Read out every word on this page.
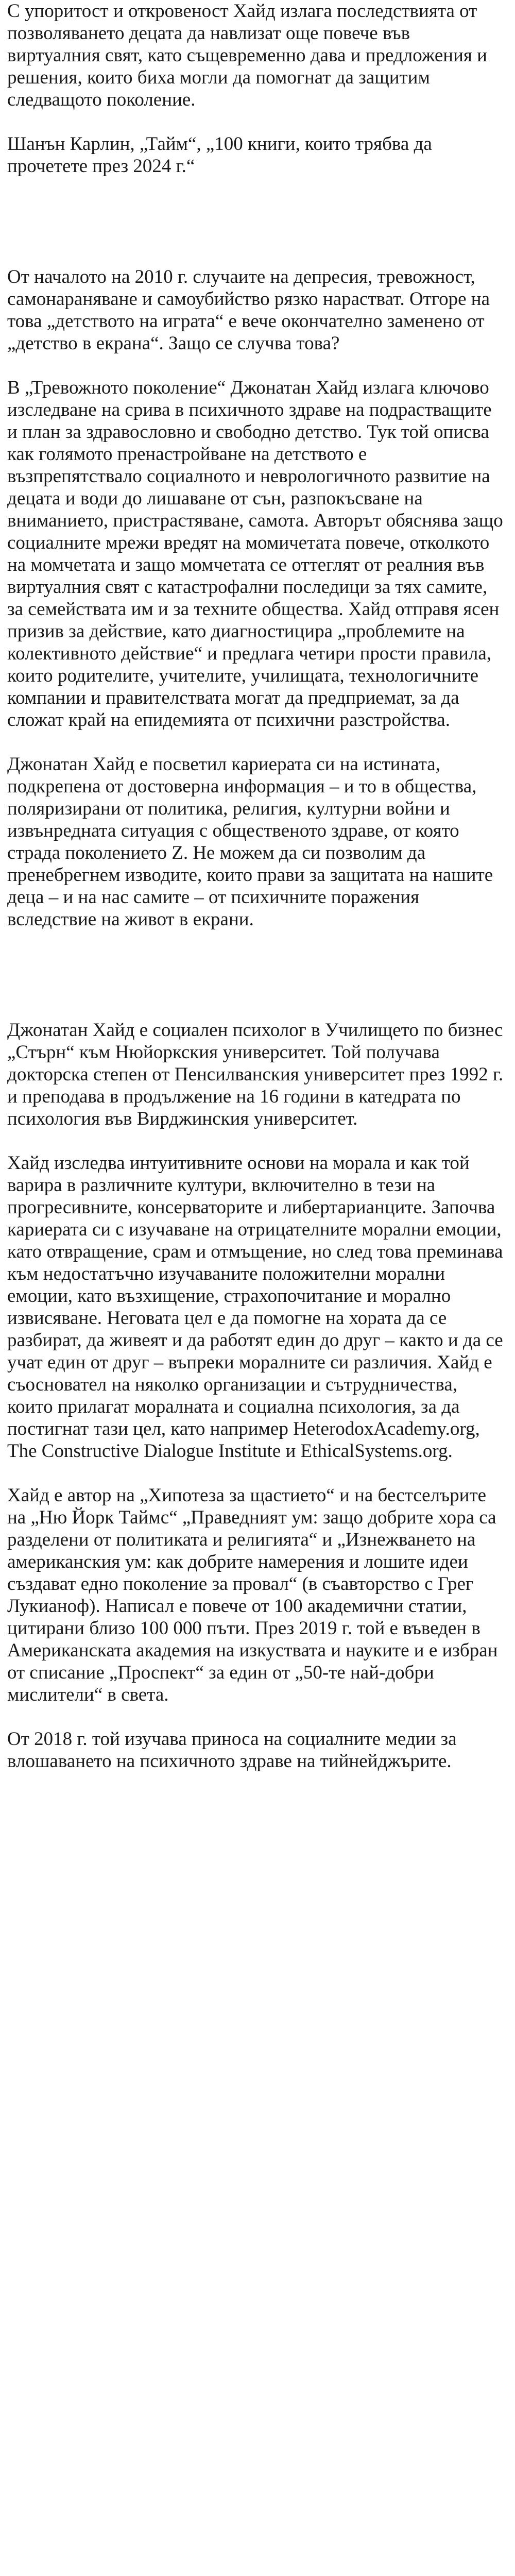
С упоритост и откровеност Хайд излага последствията от позволяването децата да навлизат още повече във виртуалния свят, като същевременно дава и предложения и решения, които биха могли да помогнат да защитим следващото поколение.

Шанън Карлин, „Тайм“, „100 книги, които трябва да прочетете през 2024 г.“

От началото на 2010 г. случаите на депресия, тревожност, самонараняване и самоубийство рязко нарастват. Отгоре на това „детството на играта“ е вече окончателно заменено от „детство в екрана“. Защо се случва това?

В „Тревожното поколение“ Джонатан Хайд излага ключово изследване на срива в психичното здраве на подрастващите и план за здравословно и свободно детство. Тук той описва как голямото пренастройване на детството е възпрепятствало социалното и неврологичното развитие на децата и води до лишаване от сън, разпокъсване на вниманието, пристрастяване, самота. Авторът обяснява защо социалните мрежи вредят на момичетата повече, отколкото на момчетата и защо момчетата се оттеглят от реалния във виртуалния свят с катастрофални последици за тях самите, за семействата им и за техните общества. Хайд отправя ясен призив за действие, като диагностицира „проблемите на колективното действие“ и предлага четири прости правила, които родителите, учителите, училищата, технологичните компании и правителствата могат да предприемат, за да сложат край на епидемията от психични разстройства.

Джонатан Хайд е посветил кариерата си на истината, подкрепена от достоверна информация – и то в общества, поляризирани от политика, религия, културни войни и извънредната ситуация с общественото здраве, от която страда поколението Z. Не можем да си позволим да пренебрегнем изводите, които прави за защитата на нашите деца – и на нас самите – от психичните поражения вследствие на живот в екрани.

Джонатан Хайд е социален психолог в Училището по бизнес „Стърн“ към Нюйоркския университет. Той получава докторска степен от Пенсилванския университет през 1992 г. и преподава в продължение на 16 години в катедрата по психология във Вирджинския университет.

Хайд изследва интуитивните основи на морала и как той варира в различните култури, включително в тези на прогресивните, консерваторите и либертарианците. Започва кариерата си с изучаване на отрицателните морални емоции, като отвращение, срам и отмъщение, но след това преминава към недостатъчно изучаваните положителни морални емоции, като възхищение, страхопочитание и морално извисяване. Неговата цел е да помогне на хората да се разбират, да живеят и да работят един до друг – както и да се учат един от друг – въпреки моралните си различия. Хайд е съосновател на няколко организации и сътрудничества, които прилагат моралната и социална психология, за да постигнат тази цел, като например HeterodoxAcademy.org, The Constructive Dialogue Institute и EthicalSystems.org.

Хайд е автор на „Хипотеза за щастието“ и на бестселърите на „Ню Йорк Таймс“ „Праведният ум: защо добрите хора са разделени от политиката и религията“ и „Изнежването на американския ум: как добрите намерения и лошите идеи създават едно поколение за провал“ (в съавторство с Грег Лукианоф). Написал е повече от 100 академични статии, цитирани близо 100 000 пъти. През 2019 г. той е въведен в Американската академия на изкуствата и науките и е избран от списание „Проспект“ за един от „50-те най-добри мислители“ в света.

От 2018 г. той изучава приноса на социалните медии за влошаването на психичното здраве на тийнейджърите.
